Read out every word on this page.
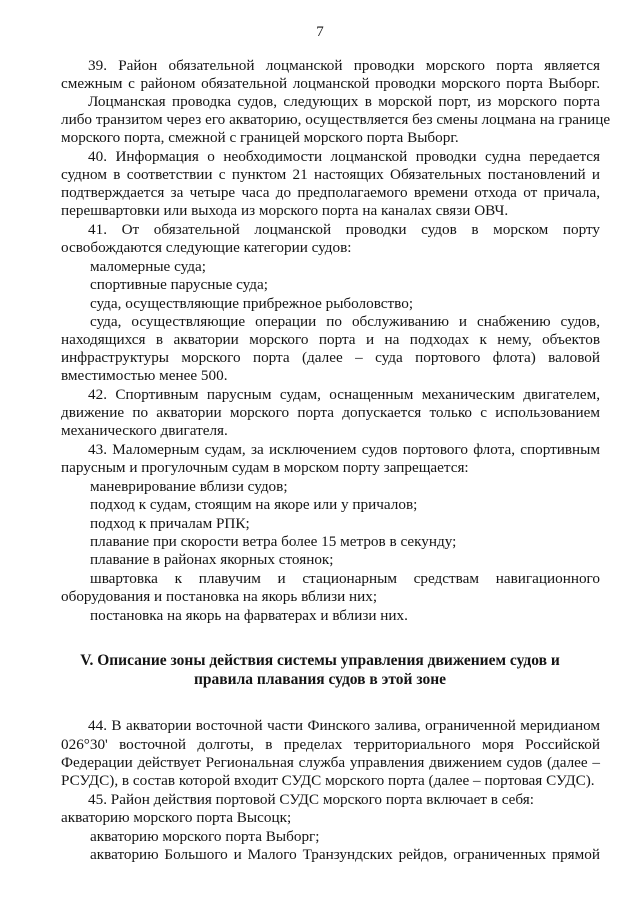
7
39. Район обязательной лоцманской проводки морского порта является
смежным с районом обязательной лоцманской проводки морского порта Выборг.
Лоцманская проводка судов, следующих в морской порт, из морского порта
либо транзитом через его акваторию, осуществляется без смены лоцмана на границе
морского порта, смежной с границей морского порта Выборг.
40. Информация о необходимости лоцманской проводки судна передается
судном в соответствии с пунктом 21 настоящих Обязательных постановлений и
подтверждается за четыре часа до предполагаемого времени отхода от причала,
перешвартовки или выхода из морского порта на каналах связи ОВЧ.
41. От обязательной лоцманской проводки судов в морском порту
освобождаются следующие категории судов:
маломерные суда;
спортивные парусные суда;
суда, осуществляющие прибрежное рыболовство;
суда, осуществляющие операции по обслуживанию и снабжению судов,
находящихся в акватории морского порта и на подходах к нему, объектов
инфраструктуры морского порта (далее – суда портового флота) валовой
вместимостью менее 500.
42. Спортивным парусным судам, оснащенным механическим двигателем,
движение по акватории морского порта допускается только с использованием
механического двигателя.
43. Маломерным судам, за исключением судов портового флота, спортивным
парусным и прогулочным судам в морском порту запрещается:
маневрирование вблизи судов;
подход к судам, стоящим на якоре или у причалов;
подход к причалам РПК;
плавание при скорости ветра более 15 метров в секунду;
плавание в районах якорных стоянок;
швартовка к плавучим и стационарным средствам навигационного
оборудования и постановка на якорь вблизи них;
постановка на якорь на фарватерах и вблизи них.
V. Описание зоны действия системы управления движением судов и
правила плавания судов в этой зоне
44. В акватории восточной части Финского залива, ограниченной меридианом
026°30' восточной долготы, в пределах территориального моря Российской
Федерации действует Региональная служба управления движением судов (далее –
РСУДС), в состав которой входит СУДС морского порта (далее – портовая СУДС).
45. Район действия портовой СУДС морского порта включает в себя:
акваторию морского порта Высоцк;
акваторию морского порта Выборг;
акваторию Большого и Малого Транзундских рейдов, ограниченных прямой
